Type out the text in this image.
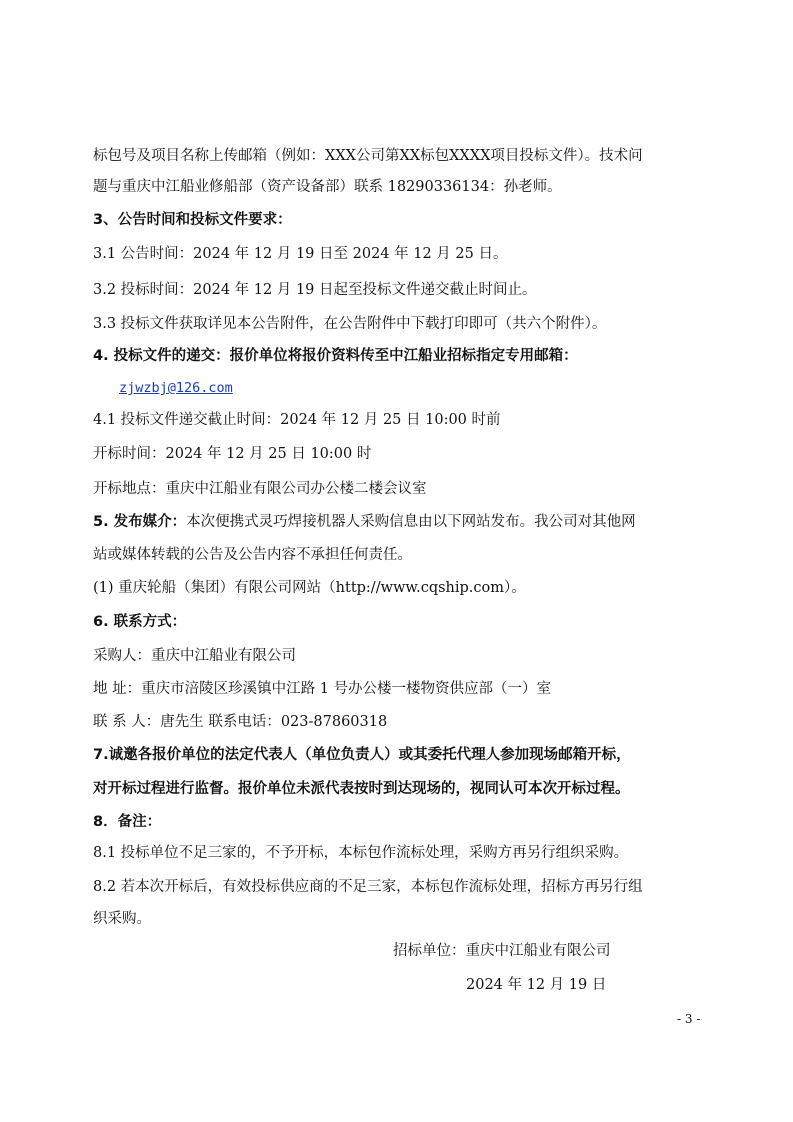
标包号及项目名称上传邮箱（例如：XXX公司第XX标包XXXX项目投标文件）。技术问
题与重庆中江船业修船部（资产设备部）联系 18290336134：孙老师。
3、公告时间和投标文件要求：
3.1 公告时间：2024 年 12 月 19 日至 2024 年 12 月 25 日。
3.2 投标时间：2024 年 12 月 19 日起至投标文件递交截止时间止。
3.3 投标文件获取详见本公告附件，在公告附件中下载打印即可（共六个附件）。
4. 投标文件的递交：报价单位将报价资料传至中江船业招标指定专用邮箱：
zjwzbj@126.com
4.1 投标文件递交截止时间：2024 年 12 月 25 日 10:00 时前
开标时间：2024 年 12 月 25 日 10:00 时
开标地点：重庆中江船业有限公司办公楼二楼会议室
5. 发布媒介：本次便携式灵巧焊接机器人采购信息由以下网站发布。我公司对其他网
站或媒体转载的公告及公告内容不承担任何责任。
(1) 重庆轮船（集团）有限公司网站（http://www.cqship.com）。
6. 联系方式：
采购人：重庆中江船业有限公司
地 址：重庆市涪陵区珍溪镇中江路 1 号办公楼一楼物资供应部（一）室
联 系 人：唐先生 联系电话：023-87860318
7.诚邀各报价单位的法定代表人（单位负责人）或其委托代理人参加现场邮箱开标，
对开标过程进行监督。报价单位未派代表按时到达现场的，视同认可本次开标过程。
8．备注：
8.1 投标单位不足三家的，不予开标，本标包作流标处理，采购方再另行组织采购。
8.2 若本次开标后，有效投标供应商的不足三家，本标包作流标处理，招标方再另行组
织采购。
招标单位：重庆中江船业有限公司
2024 年 12 月 19 日
- 3 -
